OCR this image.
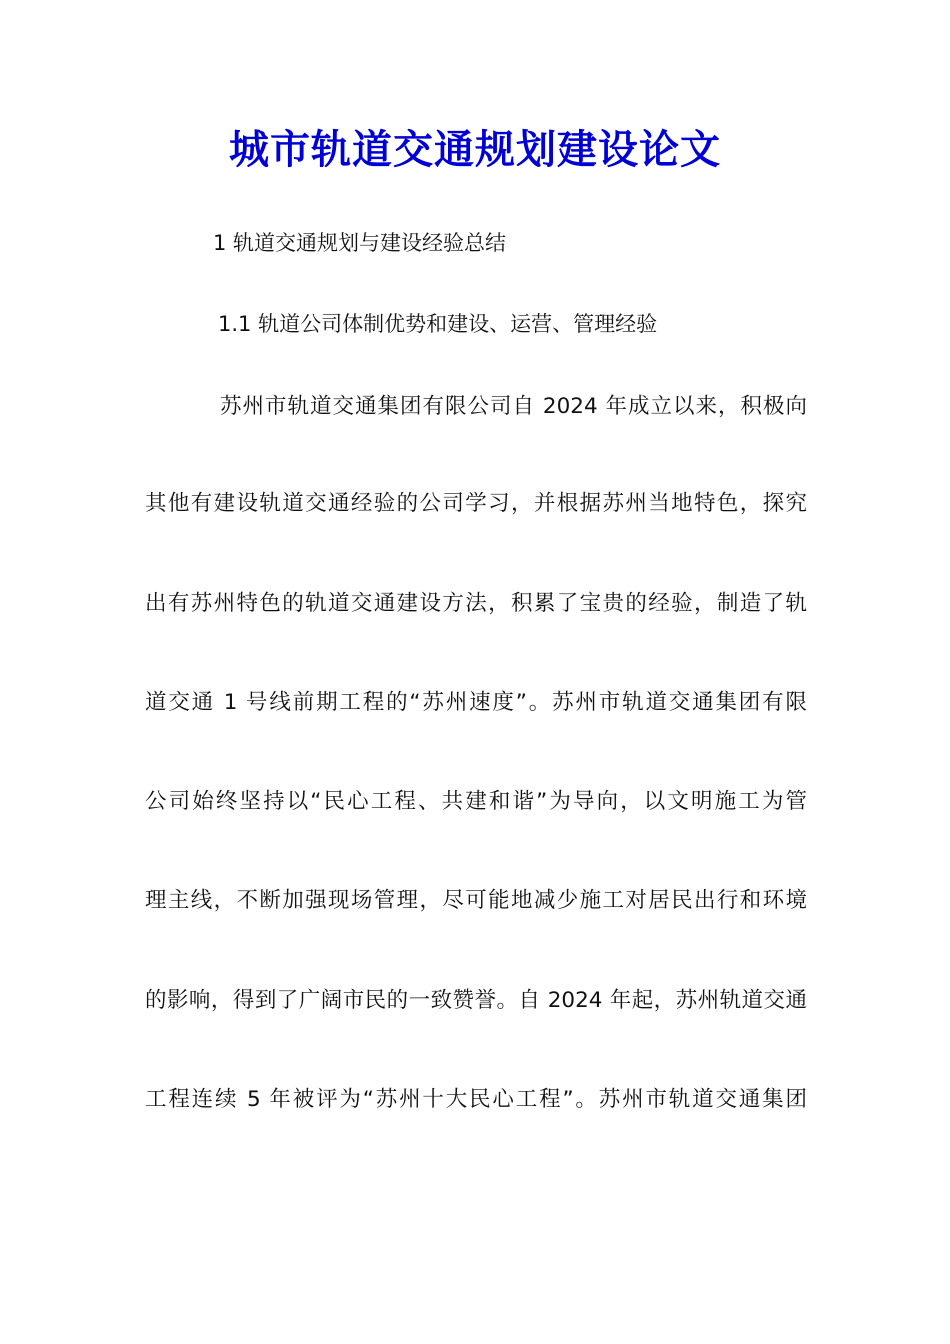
城市轨道交通规划建设论文
1 轨道交通规划与建设经验总结
1.1 轨道公司体制优势和建设、运营、管理经验
苏州市轨道交通集团有限公司自 2024 年成立以来，积极向
其他有建设轨道交通经验的公司学习，并根据苏州当地特色，探究
出有苏州特色的轨道交通建设方法，积累了宝贵的经验，制造了轨
道交通 1 号线前期工程的“苏州速度”。苏州市轨道交通集团有限
公司始终坚持以“民心工程、共建和谐”为导向，以文明施工为管
理主线，不断加强现场管理，尽可能地减少施工对居民出行和环境
的影响，得到了广阔市民的一致赞誉。自 2024 年起，苏州轨道交通
工程连续 5 年被评为“苏州十大民心工程”。苏州市轨道交通集团
